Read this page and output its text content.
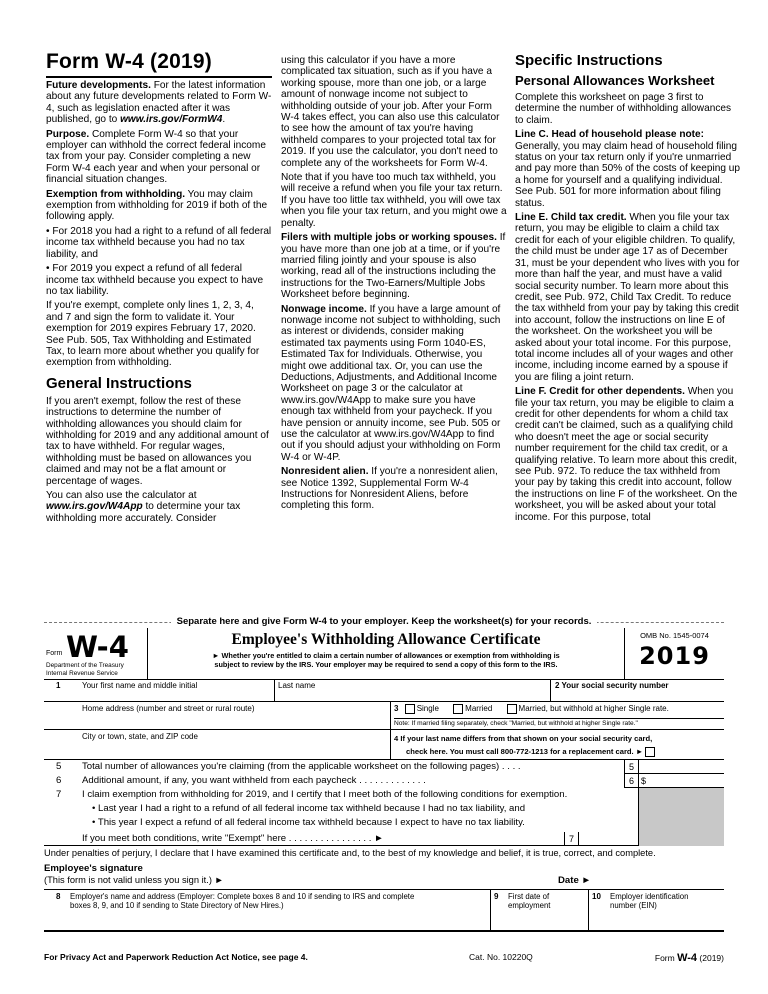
Form W-4 (2019)

Future developments. For the latest information about any future developments related to Form W-4, such as legislation enacted after it was published, go to www.irs.gov/FormW4.

Purpose. Complete Form W-4 so that your employer can withhold the correct federal income tax from your pay. Consider completing a new Form W-4 each year and when your personal or financial situation changes.

Exemption from withholding. You may claim exemption from withholding for 2019 if both of the following apply.

• For 2018 you had a right to a refund of all federal income tax withheld because you had no tax liability, and

• For 2019 you expect a refund of all federal income tax withheld because you expect to have no tax liability.

If you're exempt, complete only lines 1, 2, 3, 4, and 7 and sign the form to validate it. Your exemption for 2019 expires February 17, 2020. See Pub. 505, Tax Withholding and Estimated Tax, to learn more about whether you qualify for exemption from withholding.

General Instructions

If you aren't exempt, follow the rest of these instructions to determine the number of withholding allowances you should claim for withholding for 2019 and any additional amount of tax to have withheld. For regular wages, withholding must be based on allowances you claimed and may not be a flat amount or percentage of wages.

You can also use the calculator at www.irs.gov/W4App to determine your tax withholding more accurately. Consider

using this calculator if you have a more complicated tax situation, such as if you have a working spouse, more than one job, or a large amount of nonwage income not subject to withholding outside of your job. After your Form W-4 takes effect, you can also use this calculator to see how the amount of tax you're having withheld compares to your projected total tax for 2019. If you use the calculator, you don't need to complete any of the worksheets for Form W-4.

Note that if you have too much tax withheld, you will receive a refund when you file your tax return. If you have too little tax withheld, you will owe tax when you file your tax return, and you might owe a penalty.

Filers with multiple jobs or working spouses. If you have more than one job at a time, or if you're married filing jointly and your spouse is also working, read all of the instructions including the instructions for the Two-Earners/Multiple Jobs Worksheet before beginning.

Nonwage income. If you have a large amount of nonwage income not subject to withholding, such as interest or dividends, consider making estimated tax payments using Form 1040-ES, Estimated Tax for Individuals. Otherwise, you might owe additional tax. Or, you can use the Deductions, Adjustments, and Additional Income Worksheet on page 3 or the calculator at www.irs.gov/W4App to make sure you have enough tax withheld from your paycheck. If you have pension or annuity income, see Pub. 505 or use the calculator at www.irs.gov/W4App to find out if you should adjust your withholding on Form W-4 or W-4P.

Nonresident alien. If you're a nonresident alien, see Notice 1392, Supplemental Form W-4 Instructions for Nonresident Aliens, before completing this form.

Specific Instructions
Personal Allowances Worksheet

Complete this worksheet on page 3 first to determine the number of withholding allowances to claim.

Line C. Head of household please note: Generally, you may claim head of household filing status on your tax return only if you're unmarried and pay more than 50% of the costs of keeping up a home for yourself and a qualifying individual. See Pub. 501 for more information about filing status.

Line E. Child tax credit. When you file your tax return, you may be eligible to claim a child tax credit for each of your eligible children. To qualify, the child must be under age 17 as of December 31, must be your dependent who lives with you for more than half the year, and must have a valid social security number. To learn more about this credit, see Pub. 972, Child Tax Credit. To reduce the tax withheld from your pay by taking this credit into account, follow the instructions on line E of the worksheet. On the worksheet you will be asked about your total income. For this purpose, total income includes all of your wages and other income, including income earned by a spouse if you are filing a joint return.

Line F. Credit for other dependents. When you file your tax return, you may be eligible to claim a credit for other dependents for whom a child tax credit can't be claimed, such as a qualifying child who doesn't meet the age or social security number requirement for the child tax credit, or a qualifying relative. To learn more about this credit, see Pub. 972. To reduce the tax withheld from your pay by taking this credit into account, follow the instructions on line F of the worksheet. On the worksheet, you will be asked about your total income. For this purpose, total

Separate here and give Form W-4 to your employer. Keep the worksheet(s) for your records.
Form W-4
Department of the Treasury
Internal Revenue Service
Employee's Withholding Allowance Certificate
► Whether you're entitled to claim a certain number of allowances or exemption from withholding is
subject to review by the IRS. Your employer may be required to send a copy of this form to the IRS.
OMB No. 1545-0074
2019
1	Your first name and middle initial	Last name	2 Your social security number
Home address (number and street or rural route)	3 Single	Married	Married, but withhold at higher Single rate.
Note: If married filing separately, check "Married, but withhold at higher Single rate."
City or town, state, and ZIP code	4 If your last name differs from that shown on your social security card,
check here. You must call 800-772-1213 for a replacement card. ►
5 Total number of allowances you're claiming (from the applicable worksheet on the following pages) . . . .	5
6 Additional amount, if any, you want withheld from each paycheck . . . . . . . . . . . . .	6 $
7 I claim exemption from withholding for 2019, and I certify that I meet both of the following conditions for exemption.
• Last year I had a right to a refund of all federal income tax withheld because I had no tax liability, and
• This year I expect a refund of all federal income tax withheld because I expect to have no tax liability.
If you meet both conditions, write "Exempt" here . . . . . . . . . . . . . . . . ►	7
Under penalties of perjury, I declare that I have examined this certificate and, to the best of my knowledge and belief, it is true, correct, and complete.
Employee's signature
(This form is not valid unless you sign it.) ►	Date ►
8 Employer's name and address (Employer: Complete boxes 8 and 10 if sending to IRS and complete
boxes 8, 9, and 10 if sending to State Directory of New Hires.)
9 First date of employment
10 Employer identification number (EIN)
For Privacy Act and Paperwork Reduction Act Notice, see page 4.	Cat. No. 10220Q	Form W-4 (2019)
